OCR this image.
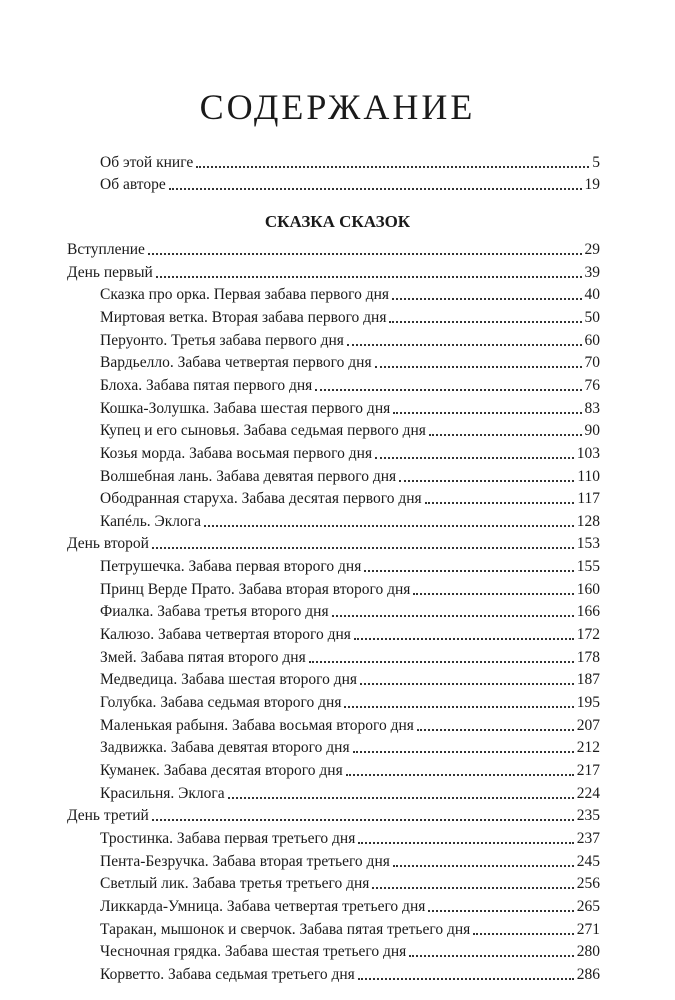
СОДЕРЖАНИЕ
Об этой книге	5
Об авторе	19
СКАЗКА СКАЗОК
Вступление	29
День первый	39
Сказка про орка. Первая забава первого дня	40
Миртовая ветка. Вторая забава первого дня	50
Перуонто. Третья забава первого дня	60
Вардьелло. Забава четвертая первого дня	70
Блоха. Забава пятая первого дня	76
Кошка-Золушка. Забава шестая первого дня	83
Купец и его сыновья. Забава седьмая первого дня	90
Козья морда. Забава восьмая первого дня	103
Волшебная лань. Забава девятая первого дня	110
Ободранная старуха. Забава десятая первого дня	117
Капéль. Эклога	128
День второй	153
Петрушечка. Забава первая второго дня	155
Принц Верде Прато. Забава вторая второго дня	160
Фиалка. Забава третья второго дня	166
Калюзо. Забава четвертая второго дня	172
Змей. Забава пятая второго дня	178
Медведица. Забава шестая второго дня	187
Голубка. Забава седьмая второго дня	195
Маленькая рабыня. Забава восьмая второго дня	207
Задвижка. Забава девятая второго дня	212
Куманек. Забава десятая второго дня	217
Красильня. Эклога	224
День третий	235
Тростинка. Забава первая третьего дня	237
Пента-Безручка. Забава вторая третьего дня	245
Светлый лик. Забава третья третьего дня	256
Ликкарда-Умница. Забава четвертая третьего дня	265
Таракан, мышонок и сверчок. Забава пятая третьего дня	271
Чесночная грядка. Забава шестая третьего дня	280
Корветто. Забава седьмая третьего дня	286
